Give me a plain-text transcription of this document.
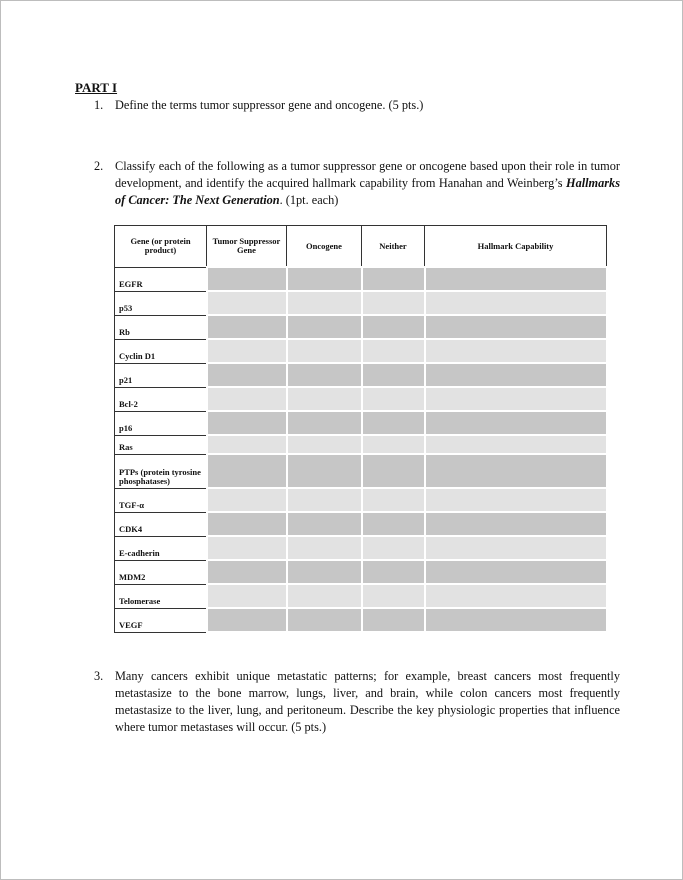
PART I
1. Define the terms tumor suppressor gene and oncogene. (5 pts.)
2. Classify each of the following as a tumor suppressor gene or oncogene based upon their role in tumor development, and identify the acquired hallmark capability from Hanahan and Weinberg’s Hallmarks of Cancer: The Next Generation. (1pt. each)
Gene (or protein product)	Tumor Suppressor Gene	Oncogene	Neither	Hallmark Capability
EGFR				
p53				
Rb				
Cyclin D1				
p21				
Bcl-2				
p16				
Ras				
PTPs (protein tyrosine phosphatases)				
TGF-α				
CDK4				
E-cadherin				
MDM2				
Telomerase				
VEGF				
3. Many cancers exhibit unique metastatic patterns; for example, breast cancers most frequently metastasize to the bone marrow, lungs, liver, and brain, while colon cancers most frequently metastasize to the liver, lung, and peritoneum. Describe the key physiologic properties that influence where tumor metastases will occur. (5 pts.)
